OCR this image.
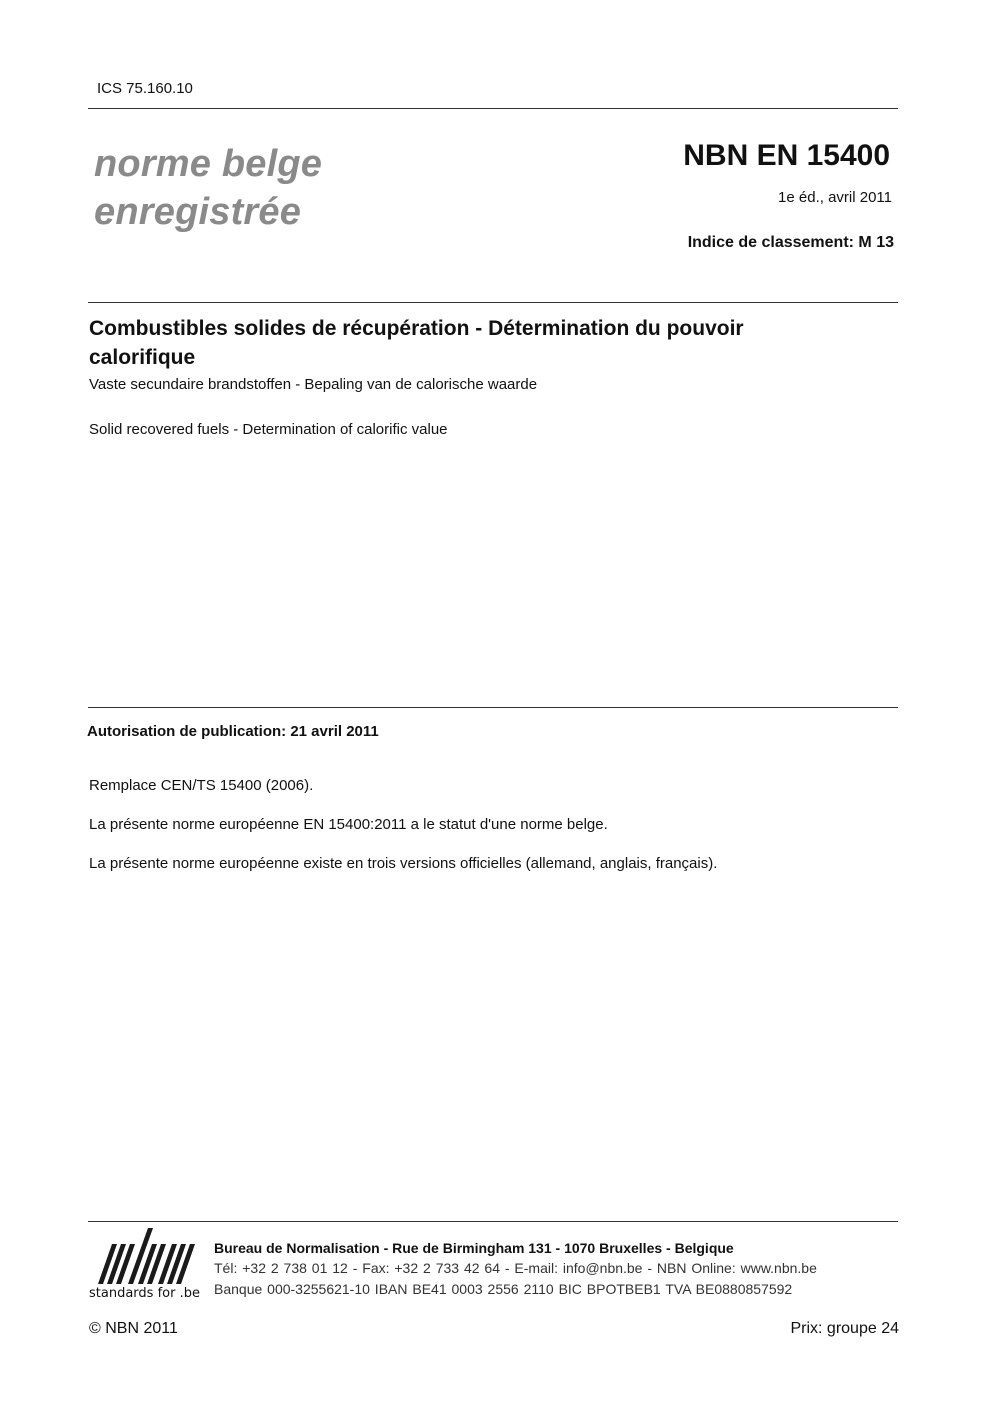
ICS 75.160.10
norme belge
enregistrée
NBN EN 15400
1e éd., avril 2011
Indice de classement: M 13
Combustibles solides de récupération - Détermination du pouvoir
calorifique
Vaste secundaire brandstoffen - Bepaling van de calorische waarde
Solid recovered fuels - Determination of calorific value
Autorisation de publication: 21 avril 2011
Remplace CEN/TS 15400 (2006).
La présente norme européenne EN 15400:2011 a le statut d'une norme belge.
La présente norme européenne existe en trois versions officielles (allemand, anglais, français).
standards for .be
Bureau de Normalisation - Rue de Birmingham 131 - 1070 Bruxelles - Belgique
Tél: +32 2 738 01 12 - Fax: +32 2 733 42 64 - E-mail: info@nbn.be - NBN Online: www.nbn.be
Banque 000-3255621-10 IBAN BE41 0003 2556 2110 BIC BPOTBEB1 TVA BE0880857592
© NBN 2011	Prix: groupe 24
